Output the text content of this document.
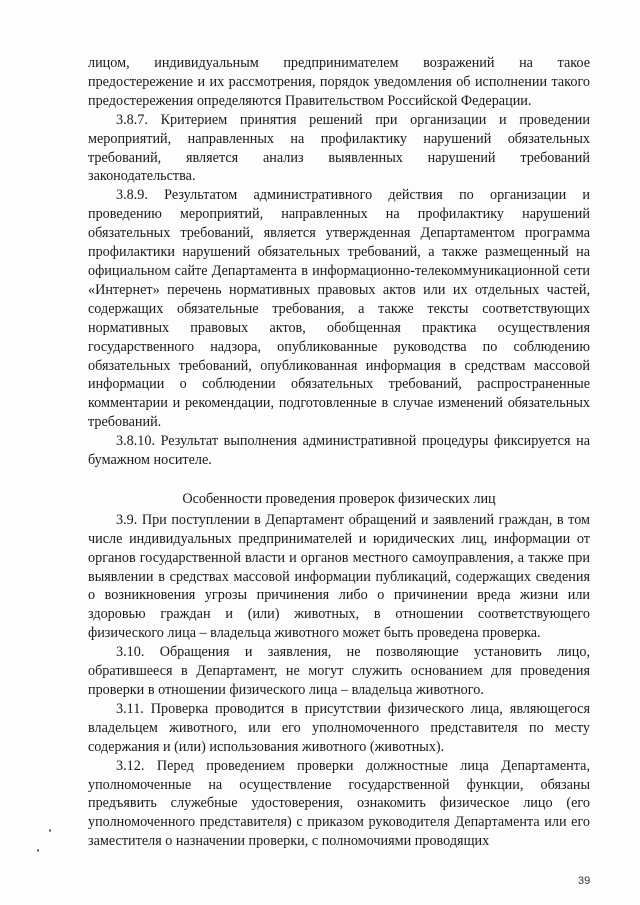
лицом, индивидуальным предпринимателем возражений на такое предостережение и их рассмотрения, порядок уведомления об исполнении такого предостережения определяются Правительством Российской Федерации.

3.8.7. Критерием принятия решений при организации и проведении мероприятий, направленных на профилактику нарушений обязательных требований, является анализ выявленных нарушений требований законодательства.

3.8.9. Результатом административного действия по организации и проведению мероприятий, направленных на профилактику нарушений обязательных требований, является утвержденная Департаментом программа профилактики нарушений обязательных требований, а также размещенный на официальном сайте Департамента в информационно-телекоммуникационной сети «Интернет» перечень нормативных правовых актов или их отдельных частей, содержащих обязательные требования, а также тексты соответствующих нормативных правовых актов, обобщенная практика осуществления государственного надзора, опубликованные руководства по соблюдению обязательных требований, опубликованная информация в средствам массовой информации о соблюдении обязательных требований, распространенные комментарии и рекомендации, подготовленные в случае изменений обязательных требований.

3.8.10. Результат выполнения административной процедуры фиксируется на бумажном носителе.

Особенности проведения проверок физических лиц

3.9. При поступлении в Департамент обращений и заявлений граждан, в том числе индивидуальных предпринимателей и юридических лиц, информации от органов государственной власти и органов местного самоуправления, а также при выявлении в средствах массовой информации публикаций, содержащих сведения о возникновения угрозы причинения либо о причинении вреда жизни или здоровью граждан и (или) животных, в отношении соответствующего физического лица – владельца животного может быть проведена проверка.

3.10. Обращения и заявления, не позволяющие установить лицо, обратившееся в Департамент, не могут служить основанием для проведения проверки в отношении физического лица – владельца животного.

3.11. Проверка проводится в присутствии физического лица, являющегося владельцем животного, или его уполномоченного представителя по месту содержания и (или) использования животного (животных).

3.12. Перед проведением проверки должностные лица Департамента, уполномоченные на осуществление государственной функции, обязаны предъявить служебные удостоверения, ознакомить физическое лицо (его уполномоченного представителя) с приказом руководителя Департамента или его заместителя о назначении проверки, с полномочиями проводящих

39
